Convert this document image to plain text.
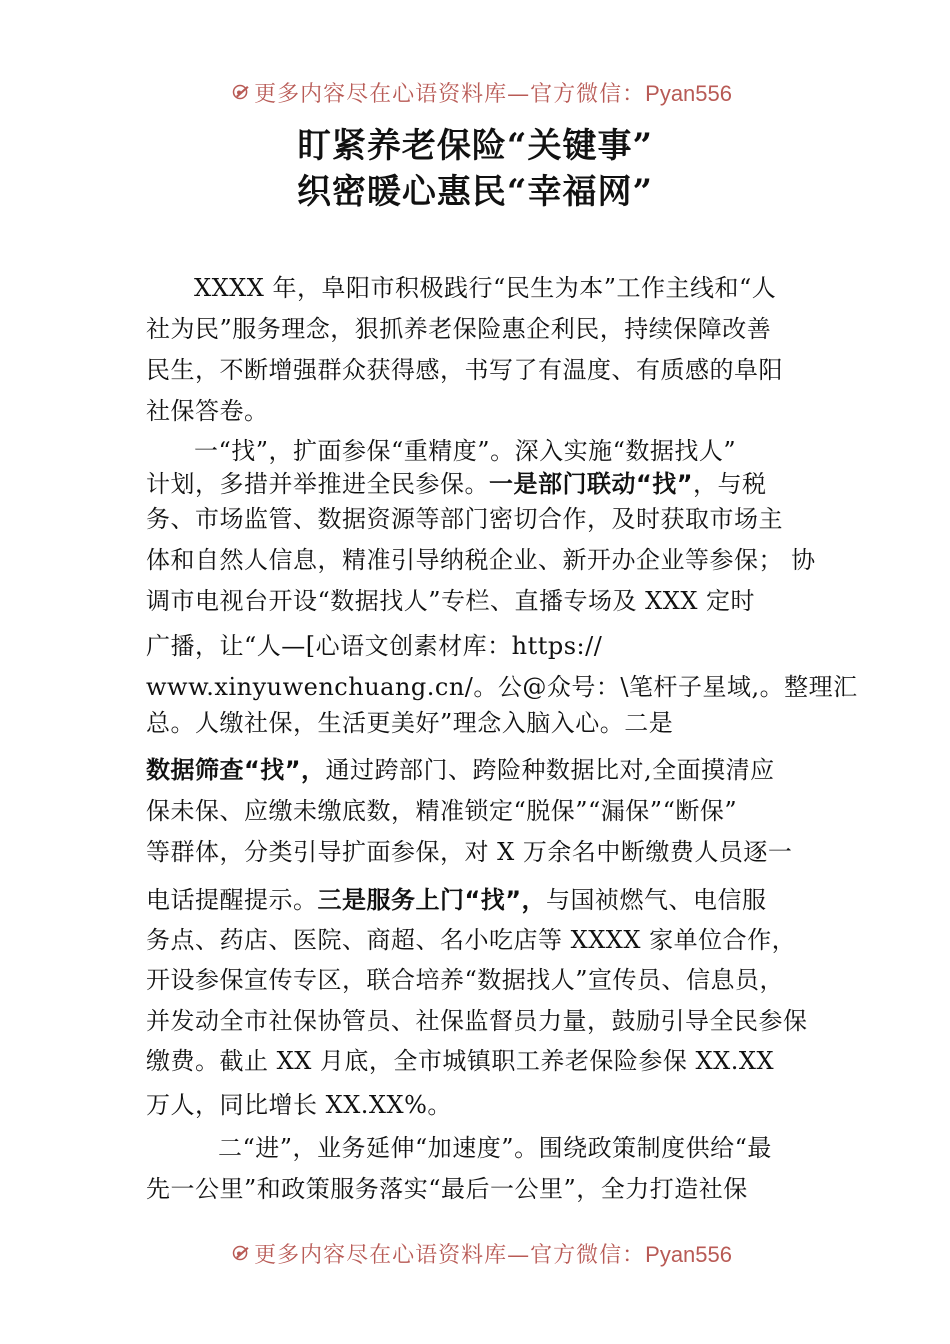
更多内容尽在心语资料库—官方微信：Pyan556
盯紧养老保险“关键事”
织密暖心惠民“幸福网”
XXXX 年，阜阳市积极践行“民生为本”工作主线和“人
社为民”服务理念，狠抓养老保险惠企利民，持续保障改善
民生，不断增强群众获得感，书写了有温度、有质感的阜阳
社保答卷。
一“找”，扩面参保“重精度”。深入实施“数据找人”
计划，多措并举推进全民参保。一是部门联动“找”，与税
务、市场监管、数据资源等部门密切合作，及时获取市场主
体和自然人信息，精准引导纳税企业、新开办企业等参保； 协
调市电视台开设“数据找人”专栏、直播专场及 XXX 定时
广播，让“人—[心语文创素材库：https://
www.xinyuwenchuang.cn/。公@众号：\笔杆子星域,。整理汇
总。人缴社保，生活更美好”理念入脑入心。二是
数据筛查“找”，通过跨部门、跨险种数据比对,全面摸清应
保未保、应缴未缴底数，精准锁定“脱保”“漏保”“断保”
等群体，分类引导扩面参保，对 X 万余名中断缴费人员逐一
电话提醒提示。三是服务上门“找”，与国祯燃气、电信服
务点、药店、医院、商超、名小吃店等 XXXX 家单位合作，
开设参保宣传专区，联合培养“数据找人”宣传员、信息员，
并发动全市社保协管员、社保监督员力量，鼓励引导全民参保
缴费。截止 XX 月底，全市城镇职工养老保险参保 XX.XX
万人，同比增长 XX.XX%。
二“进”，业务延伸“加速度”。围绕政策制度供给“最
先一公里”和政策服务落实“最后一公里”，全力打造社保
更多内容尽在心语资料库—官方微信：Pyan556
